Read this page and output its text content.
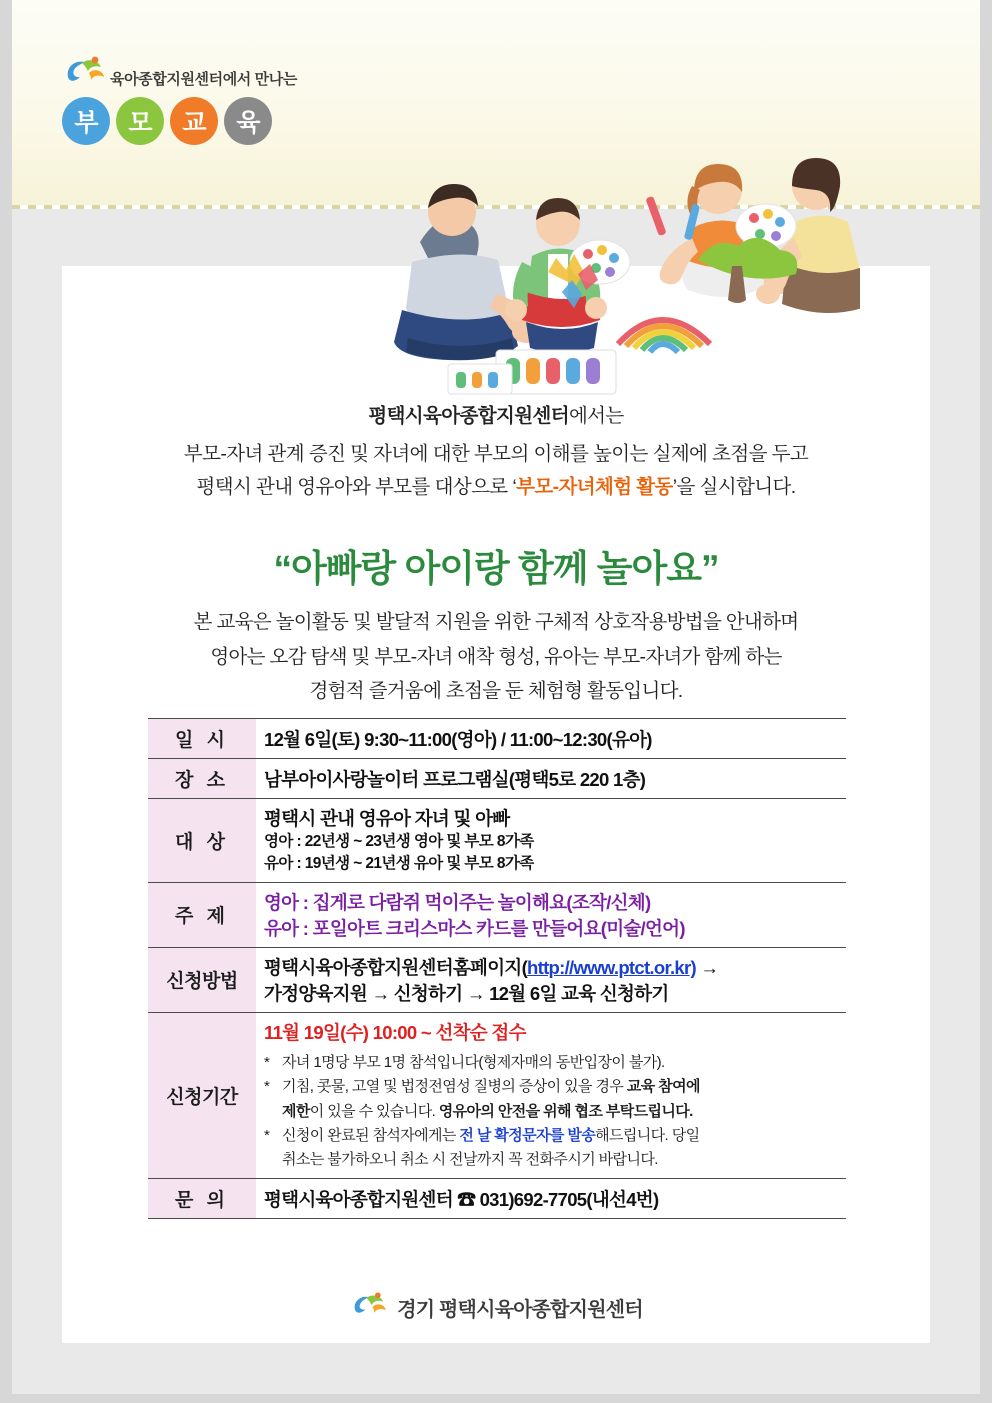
육아종합지원센터에서 만나는
부	모	교	육
평택시육아종합지원센터에서는
부모-자녀 관계 증진 및 자녀에 대한 부모의 이해를 높이는 실제에 초점을 두고
평택시 관내 영유아와 부모를 대상으로 ‘부모-자녀체험 활동’을 실시합니다.
“아빠랑 아이랑 함께 놀아요”
본 교육은 놀이활동 및 발달적 지원을 위한 구체적 상호작용방법을 안내하며
영아는 오감 탐색 및 부모-자녀 애착 형성, 유아는 부모-자녀가 함께 하는
경험적 즐거움에 초점을 둔 체험형 활동입니다.
일 시	12월 6일(토) 9:30~11:00(영아) / 11:00~12:30(유아)
장 소	남부아이사랑놀이터 프로그램실(평택5로 220 1층)
대 상	평택시 관내 영유아 자녀 및 아빠
영아 : 22년생 ~ 23년생 영아 및 부모 8가족
유아 : 19년생 ~ 21년생 유아 및 부모 8가족

주 제	영아 : 집게로 다람쥐 먹이주는 놀이해요(조작/신체)
유아 : 포일아트 크리스마스 카드를 만들어요(미술/언어)

신청방법	평택시육아종합지원센터홈페이지(http://www.ptct.or.kr) →
가정양육지원 → 신청하기 → 12월 6일 교육 신청하기

신청기간	
11월 19일(수) 10:00 ~ 선착순 접수
* 자녀 1명당 부모 1명 참석입니다(형제자매의 동반입장이 불가).
* 기침, 콧물, 고열 및 법정전염성 질병의 증상이 있을 경우 교육 참여에
제한이 있을 수 있습니다. 영유아의 안전을 위해 협조 부탁드립니다.
* 신청이 완료된 참석자에게는 전 날 확정문자를 발송해드립니다. 당일
취소는 불가하오니 취소 시 전날까지 꼭 전화주시기 바랍니다.

문 의	평택시육아종합지원센터 ☎ 031)692-7705(내선4번)
경기 평택시육아종합지원센터
